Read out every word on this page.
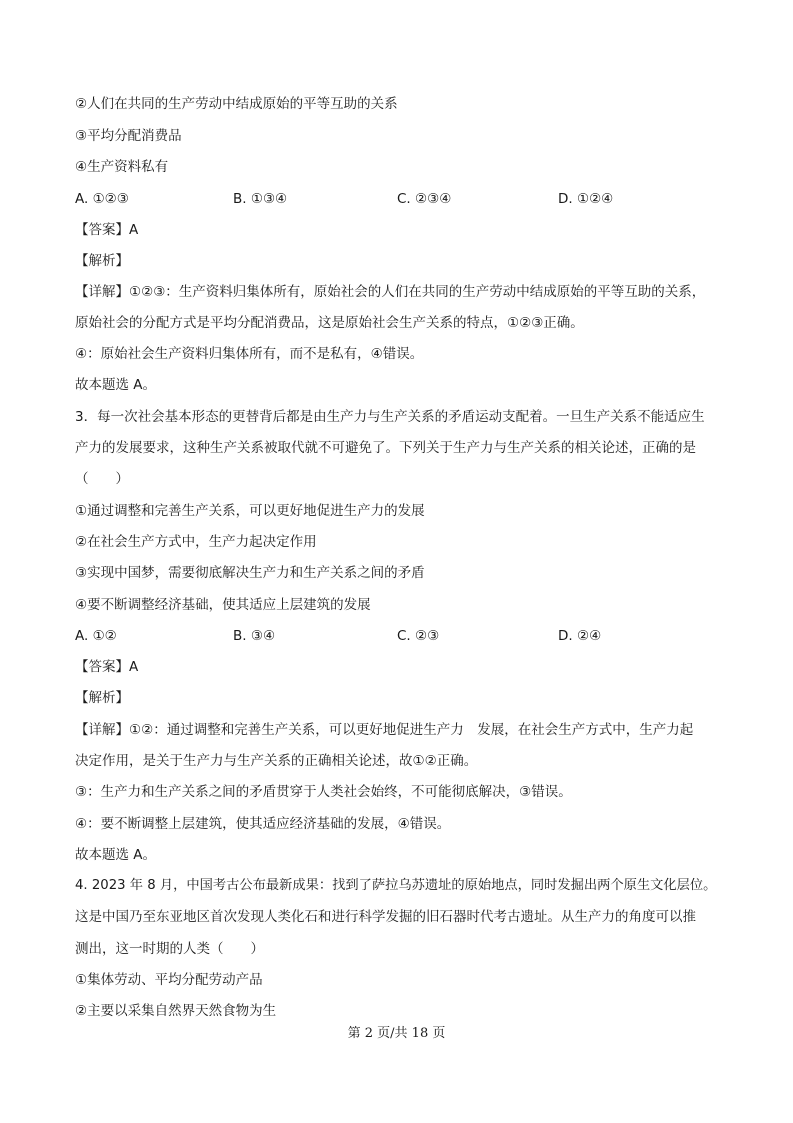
②人们在共同的生产劳动中结成原始的平等互助的关系
③平均分配消费品
④生产资料私有
A. ①②③	B. ①③④	C. ②③④	D. ①②④
【答案】A
【解析】
【详解】①②③：生产资料归集体所有，原始社会的人们在共同的生产劳动中结成原始的平等互助的关系，
原始社会的分配方式是平均分配消费品，这是原始社会生产关系的特点，①②③正确。
④：原始社会生产资料归集体所有，而不是私有，④错误。
故本题选 A。
3．每一次社会基本形态的更替背后都是由生产力与生产关系的矛盾运动支配着。一旦生产关系不能适应生
产力的发展要求，这种生产关系被取代就不可避免了。下列关于生产力与生产关系的相关论述，正确的是
（　　）
①通过调整和完善生产关系，可以更好地促进生产力的发展
②在社会生产方式中，生产力起决定作用
③实现中国梦，需要彻底解决生产力和生产关系之间的矛盾
④要不断调整经济基础，使其适应上层建筑的发展
A. ①②	B. ③④	C. ②③	D. ②④
【答案】A
【解析】
【详解】①②：通过调整和完善生产关系，可以更好地促进生产力　发展，在社会生产方式中，生产力起
决定作用，是关于生产力与生产关系的正确相关论述，故①②正确。
③：生产力和生产关系之间的矛盾贯穿于人类社会始终，不可能彻底解决，③错误。
④：要不断调整上层建筑，使其适应经济基础的发展，④错误。
故本题选 A。
4. 2023 年 8 月，中国考古公布最新成果：找到了萨拉乌苏遗址的原始地点，同时发掘出两个原生文化层位。
这是中国乃至东亚地区首次发现人类化石和进行科学发掘的旧石器时代考古遗址。从生产力的角度可以推
测出，这一时期的人类（　　）
①集体劳动、平均分配劳动产品
②主要以采集自然界天然食物为生
第 2 页/共 18 页
